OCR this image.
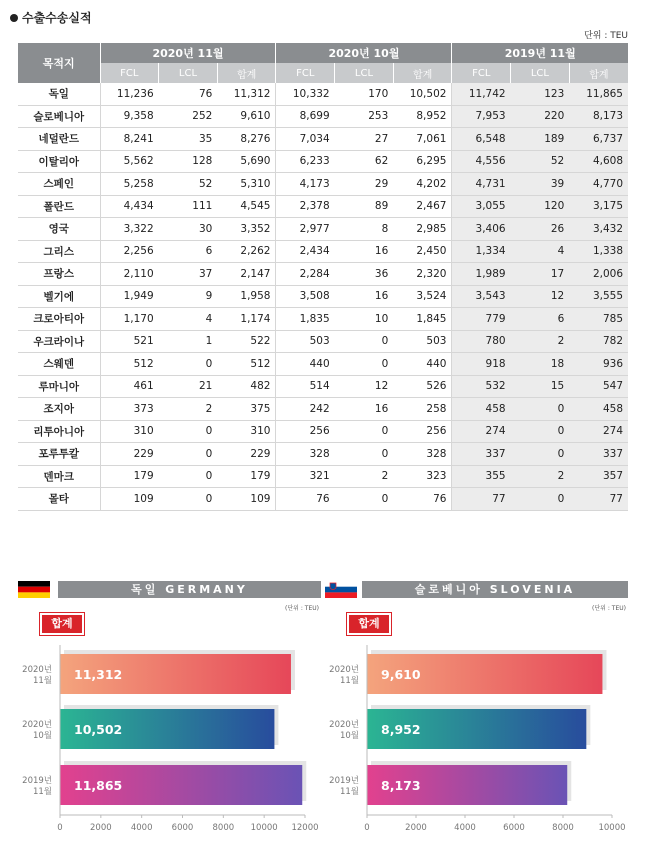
수출수송실적
단위 : TEU
목적지	2020년 11월			2020년 10월			2019년 11월		
	FCL	LCL	합계	FCL	LCL	합계	FCL	LCL	합계
독일	11,236	76	11,312	10,332	170	10,502	11,742	123	11,865
슬로베니아	9,358	252	9,610	8,699	253	8,952	7,953	220	8,173
네덜란드	8,241	35	8,276	7,034	27	7,061	6,548	189	6,737
이탈리아	5,562	128	5,690	6,233	62	6,295	4,556	52	4,608
스페인	5,258	52	5,310	4,173	29	4,202	4,731	39	4,770
폴란드	4,434	111	4,545	2,378	89	2,467	3,055	120	3,175
영국	3,322	30	3,352	2,977	8	2,985	3,406	26	3,432
그리스	2,256	6	2,262	2,434	16	2,450	1,334	4	1,338
프랑스	2,110	37	2,147	2,284	36	2,320	1,989	17	2,006
벨기에	1,949	9	1,958	3,508	16	3,524	3,543	12	3,555
크로아티아	1,170	4	1,174	1,835	10	1,845	779	6	785
우크라이나	521	1	522	503	0	503	780	2	782
스웨덴	512	0	512	440	0	440	918	18	936
루마니아	461	21	482	514	12	526	532	15	547
조지아	373	2	375	242	16	258	458	0	458
리투아니아	310	0	310	256	0	256	274	0	274
포루투칼	229	0	229	328	0	328	337	0	337
덴마크	179	0	179	321	2	323	355	2	357
몰타	109	0	109	76	0	76	77	0	77
독일 GERMANY
(단위 : TEU)
합계
11,312
2020년 11월
10,502
2020년 10월
11,865
2019년 11월
0	2000 4000 6000 8000 10000 12000
슬로베니아 SLOVENIA
(단위 : TEU)
합계
9,610
2020년 11월
8,952
2020년 10월
8,173
2019년 11월
0	2000	4000	6000	8000	10000
